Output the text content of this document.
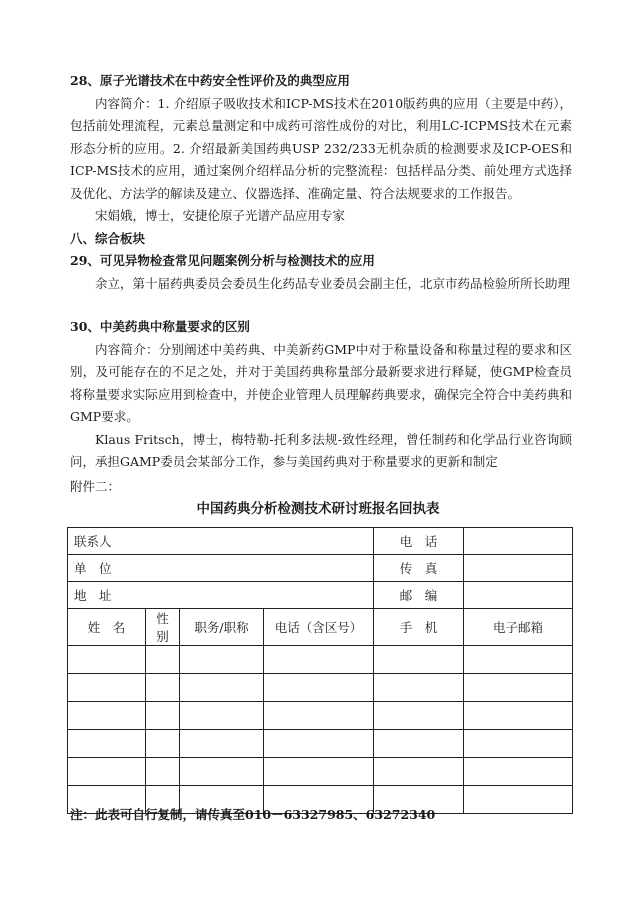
28、原子光谱技术在中药安全性评价及的典型应用
内容简介：1. 介绍原子吸收技术和ICP-MS技术在2010版药典的应用（主要是中药），包括前处理流程，元素总量测定和中成药可溶性成份的对比，利用LC-ICPMS技术在元素形态分析的应用。2. 介绍最新美国药典USP 232/233无机杂质的检测要求及ICP-OES和ICP-MS技术的应用，通过案例介绍样品分析的完整流程：包括样品分类、前处理方式选择及优化、方法学的解读及建立、仪器选择、准确定量、符合法规要求的工作报告。
宋娟娥，博士，安捷伦原子光谱产品应用专家
八、综合板块
29、可见异物检查常见问题案例分析与检测技术的应用
余立，第十届药典委员会委员生化药品专业委员会副主任，北京市药品检验所所长助理
30、中美药典中称量要求的区别
内容简介：分别阐述中美药典、中美新药GMP中对于称量设备和称量过程的要求和区别，及可能存在的不足之处，并对于美国药典称量部分最新要求进行释疑，使GMP检查员将称量要求实际应用到检查中，并使企业管理人员理解药典要求，确保完全符合中美药典和GMP要求。
Klaus Fritsch，博士，梅特勒-托利多法规-致性经理，曾任制药和化学品行业咨询顾问，承担GAMP委员会某部分工作，参与美国药典对于称量要求的更新和制定
附件二：
中国药典分析检测技术研讨班报名回执表
联系人				电　话	
单　位				传　真	
地　址				邮　编	
姓　名	性别	职务/职称	电话（含区号）	手　机	电子邮箱

注：此表可自行复制，请传真至010－63327985、63272340
